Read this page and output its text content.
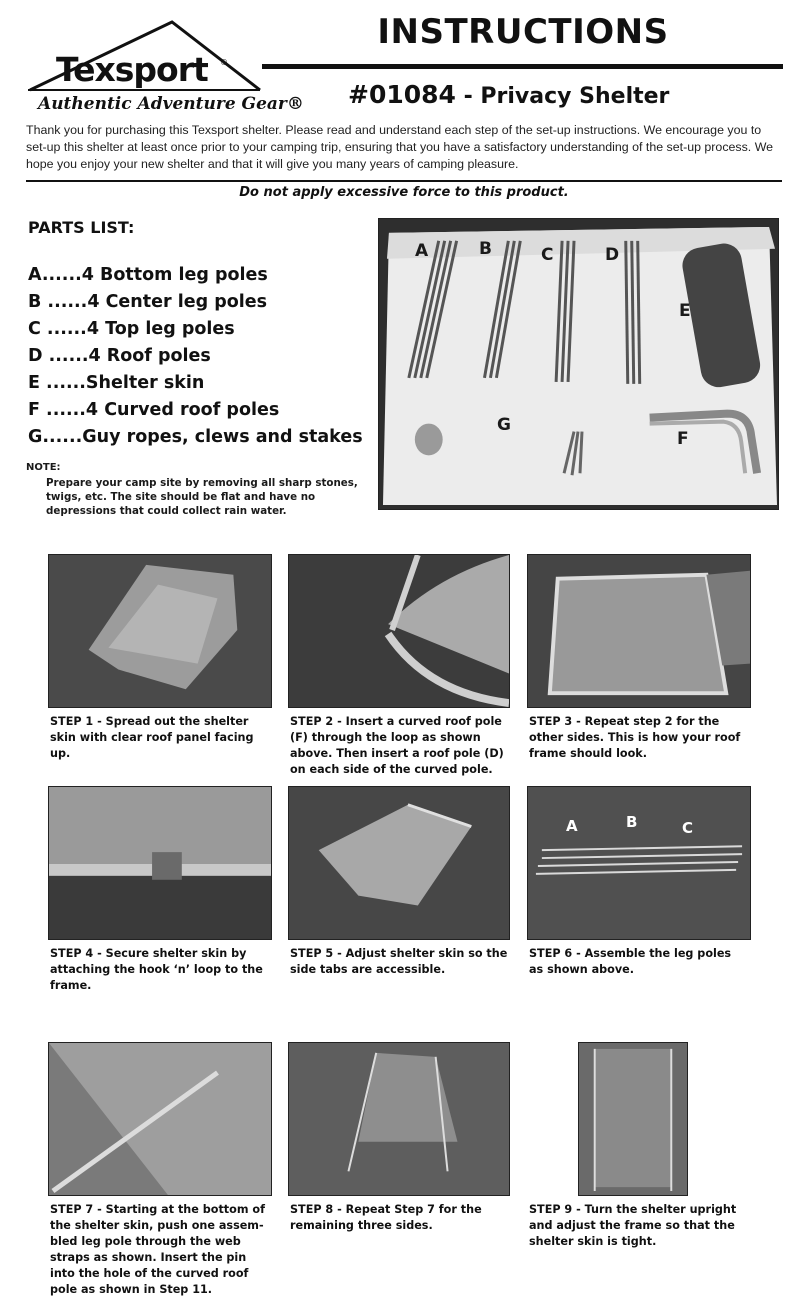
Texsport ®
Authentic Adventure Gear®
INSTRUCTIONS
#01084 - Privacy Shelter
Thank you for purchasing this Texsport shelter. Please read and understand each step of the set-up instructions. We encourage you to set-up this shelter at least once prior to your camping trip, ensuring that you have a satisfactory understanding of the set-up process. We hope you enjoy your new shelter and that it will give you many years of camping pleasure.
Do not apply excessive force to this product.
PARTS LIST:
A......4 Bottom leg poles
B ......4 Center leg poles
C ......4 Top leg poles
D ......4 Roof poles
E ......Shelter skin
F ......4 Curved roof poles
G......Guy ropes, clews and stakes
NOTE:
Prepare your camp site by removing all sharp stones, twigs, etc. The site should be flat and have no depressions that could collect rain water.
A	B	C	D
E
F
G
STEP 1 - Spread out the shelter skin with clear roof panel facing up.
STEP 2 - Insert a curved roof pole (F) through the loop as shown above. Then insert a roof pole (D) on each side of the curved pole.
STEP 3 - Repeat step 2 for the other sides. This is how your roof frame should look.
A	B	C
STEP 4 - Secure shelter skin by attaching the hook ‘n’ loop to the frame.
STEP 5 - Adjust shelter skin so the side tabs are accessible.
STEP 6 - Assemble the leg poles as shown above.
STEP 7 - Starting at the bottom of the shelter skin, push one assem-bled leg pole through the web straps as shown. Insert the pin into the hole of the curved roof pole as shown in Step 11.
STEP 8 - Repeat Step 7 for the remaining three sides.
STEP 9 - Turn the shelter upright and adjust the frame so that the shelter skin is tight.
